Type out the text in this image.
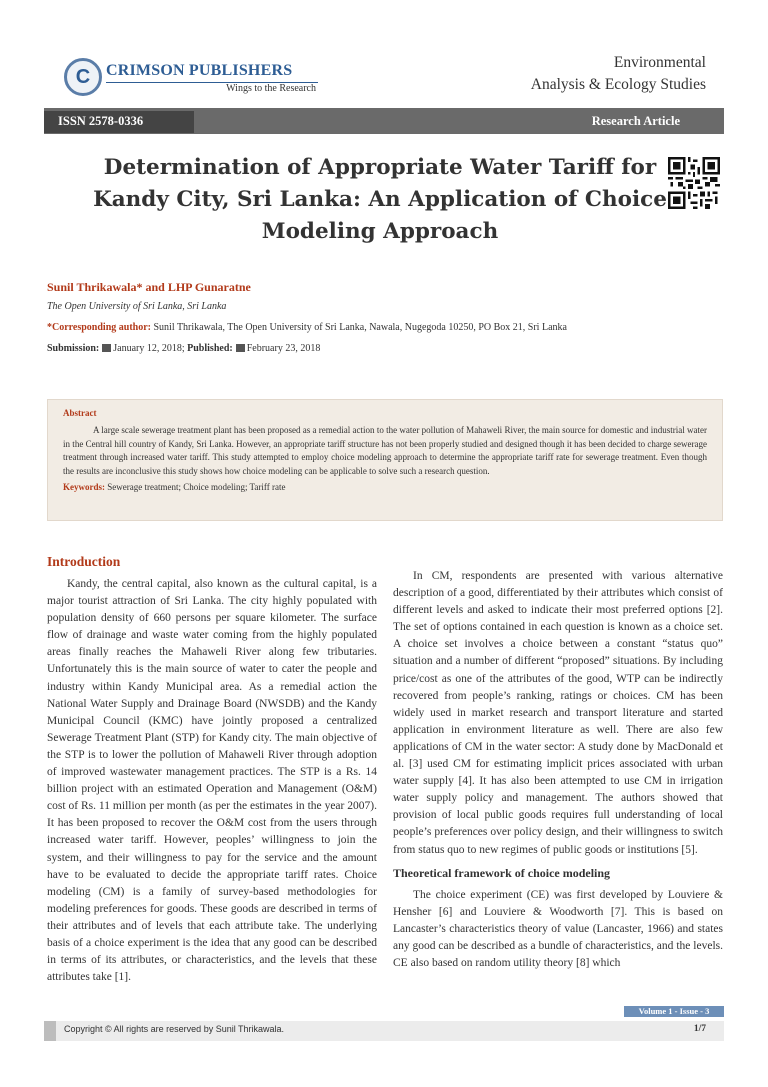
C CRIMSON PUBLISHERS
Wings to the Research
Environmental
Analysis & Ecology Studies
ISSN 2578-0336	Research Article
Determination of Appropriate Water Tariff for Kandy City, Sri Lanka: An Application of Choice Modeling Approach
Sunil Thrikawala* and LHP Gunaratne
The Open University of Sri Lanka, Sri Lanka
*Corresponding author: Sunil Thrikawala, The Open University of Sri Lanka, Nawala, Nugegoda 10250, PO Box 21, Sri Lanka
Submission: January 12, 2018; Published: February 23, 2018
Abstract
A large scale sewerage treatment plant has been proposed as a remedial action to the water pollution of Mahaweli River, the main source for domestic and industrial water in the Central hill country of Kandy, Sri Lanka. However, an appropriate tariff structure has not been properly studied and designed though it has been decided to charge sewerage treatment through increased water tariff. This study attempted to employ choice modeling approach to determine the appropriate tariff rate for sewerage treatment. Even though the results are inconclusive this study shows how choice modeling can be applicable to solve such a research question.
Keywords: Sewerage treatment; Choice modeling; Tariff rate
Introduction

Kandy, the central capital, also known as the cultural capital, is a major tourist attraction of Sri Lanka. The city highly populated with population density of 660 persons per square kilometer. The surface flow of drainage and waste water coming from the highly populated areas finally reaches the Mahaweli River along few tributaries. Unfortunately this is the main source of water to cater the people and industry within Kandy Municipal area. As a remedial action the National Water Supply and Drainage Board (NWSDB) and the Kandy Municipal Council (KMC) have jointly proposed a centralized Sewerage Treatment Plant (STP) for Kandy city. The main objective of the STP is to lower the pollution of Mahaweli River through adoption of improved wastewater management practices. The STP is a Rs. 14 billion project with an estimated Operation and Management (O&M) cost of Rs. 11 million per month (as per the estimates in the year 2007). It has been proposed to recover the O&M cost from the users through increased water tariff. However, peoples’ willingness to join the system, and their willingness to pay for the service and the amount have to be evaluated to decide the appropriate tariff rates. Choice modeling (CM) is a family of survey-based methodologies for modeling preferences for goods. These goods are described in terms of their attributes and of levels that each attribute take. The underlying basis of a choice experiment is the idea that any good can be described in terms of its attributes, or characteristics, and the levels that these attributes take [1].

In CM, respondents are presented with various alternative description of a good, differentiated by their attributes which consist of different levels and asked to indicate their most preferred options [2]. The set of options contained in each question is known as a choice set. A choice set involves a choice between a constant “status quo” situation and a number of different “proposed” situations. By including price/cost as one of the attributes of the good, WTP can be indirectly recovered from people’s ranking, ratings or choices. CM has been widely used in market research and transport literature and started application in environment literature as well. There are also few applications of CM in the water sector: A study done by MacDonald et al. [3] used CM for estimating implicit prices associated with urban water supply [4]. It has also been attempted to use CM in irrigation water supply policy and management. The authors showed that provision of local public goods requires full understanding of local people’s preferences over policy design, and their willingness to switch from status quo to new regimes of public goods or institutions [5].

Theoretical framework of choice modeling

The choice experiment (CE) was first developed by Louviere & Hensher [6] and Louviere & Woodworth [7]. This is based on Lancaster’s characteristics theory of value (Lancaster, 1966) and states any good can be described as a bundle of characteristics, and the levels. CE also based on random utility theory [8] which

Volume 1 - Issue - 3
Copyright © All rights are reserved by Sunil Thrikawala.	1/7
